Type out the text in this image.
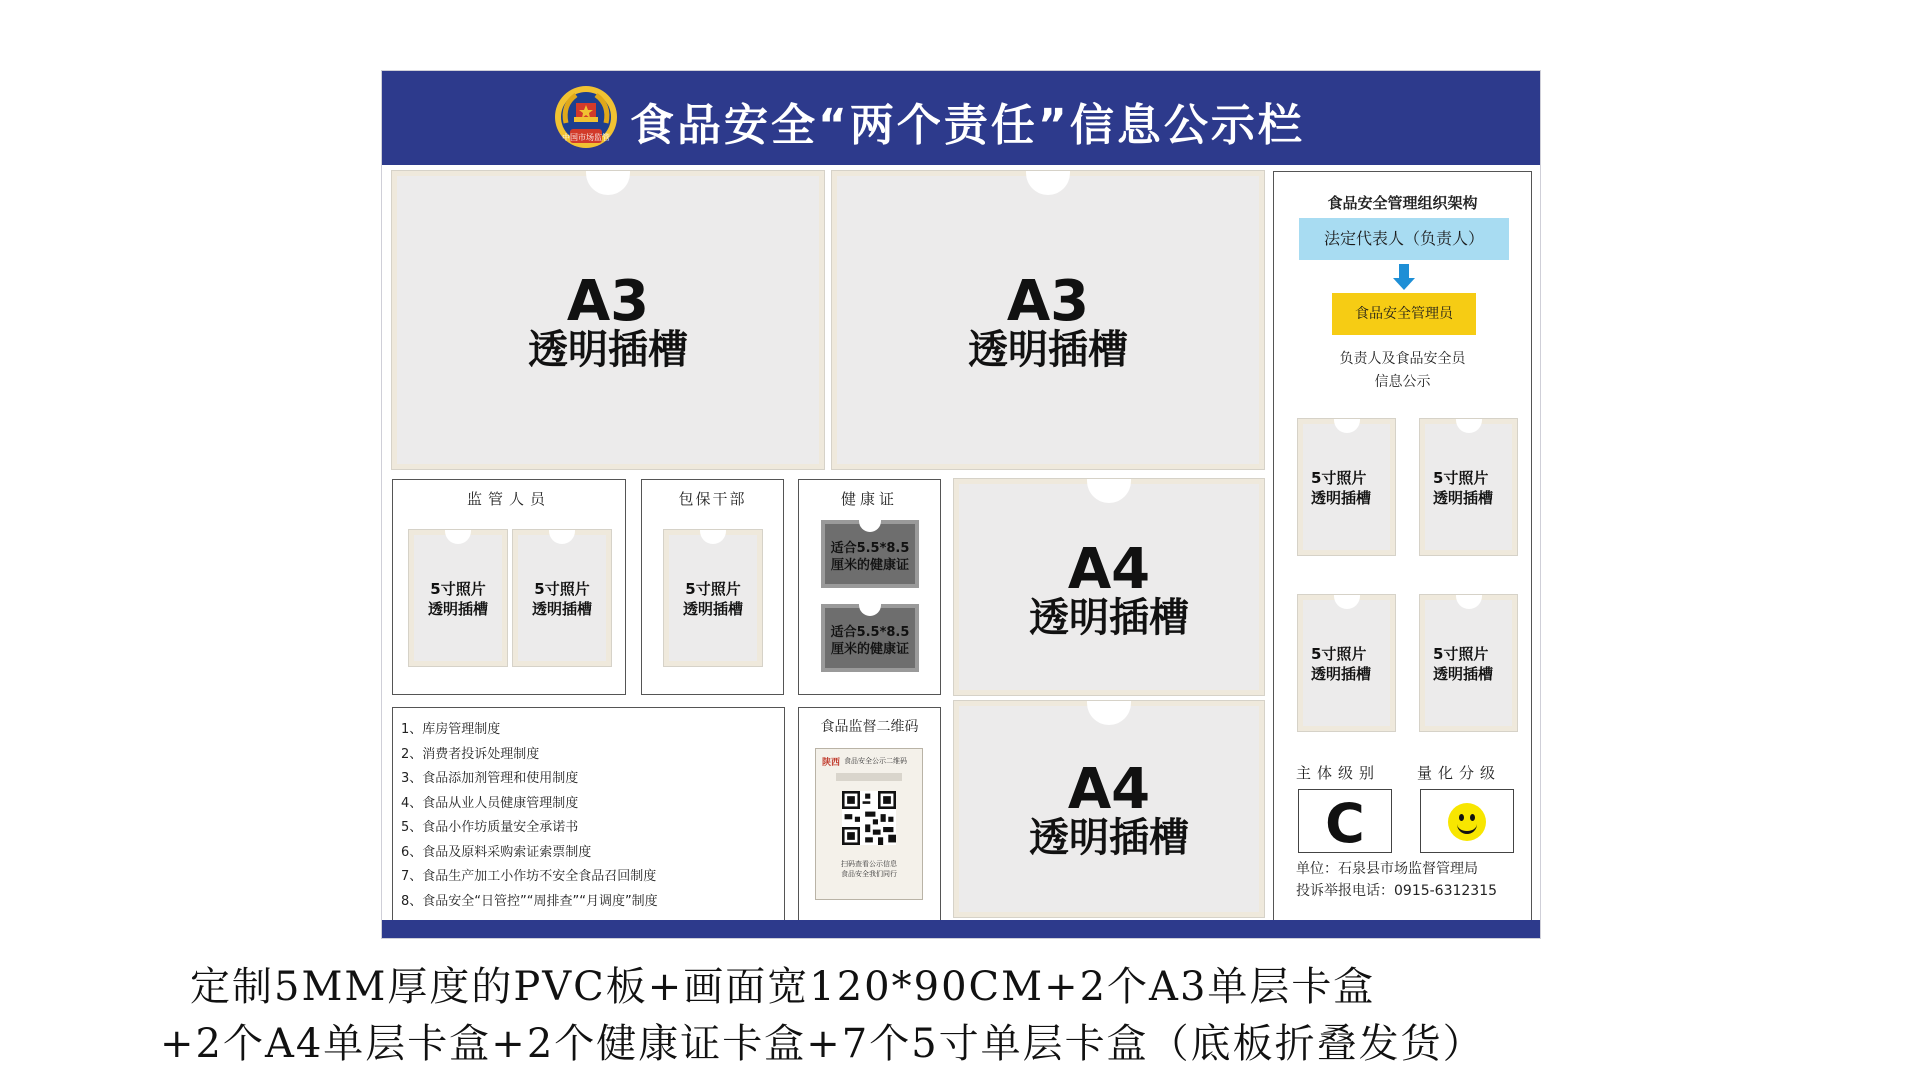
中国市场监管 食品安全“两个责任”信息公示栏
A3
透明插槽
A3
透明插槽
A4
透明插槽
A4
透明插槽
监管人员
5寸照片
透明插槽
5寸照片
透明插槽
包保干部
5寸照片
透明插槽
健康证
适合5.5*8.5
厘米的健康证
适合5.5*8.5
厘米的健康证
1、库房管理制度
2、消费者投诉处理制度
3、食品添加剂管理和使用制度
4、食品从业人员健康管理制度
5、食品小作坊质量安全承诺书
6、食品及原料采购索证索票制度
7、食品生产加工小作坊不安全食品召回制度
8、食品安全“日管控”“周排查”“月调度”制度
食品监督二维码
陕西 食品安全公示二维码
扫码查看公示信息
食品安全我们同行
食品安全管理组织架构
法定代表人（负责人）
食品安全管理员
负责人及食品安全员
信息公示
5寸照片
透明插槽
5寸照片
透明插槽
5寸照片
透明插槽
5寸照片
透明插槽
主体级别 量化分级
C
单位：石泉县市场监督管理局
投诉举报电话：0915-6312315
定制5MM厚度的PVC板+画面宽120*90CM+2个A3单层卡盒
+2个A4单层卡盒+2个健康证卡盒+7个5寸单层卡盒（底板折叠发货）
